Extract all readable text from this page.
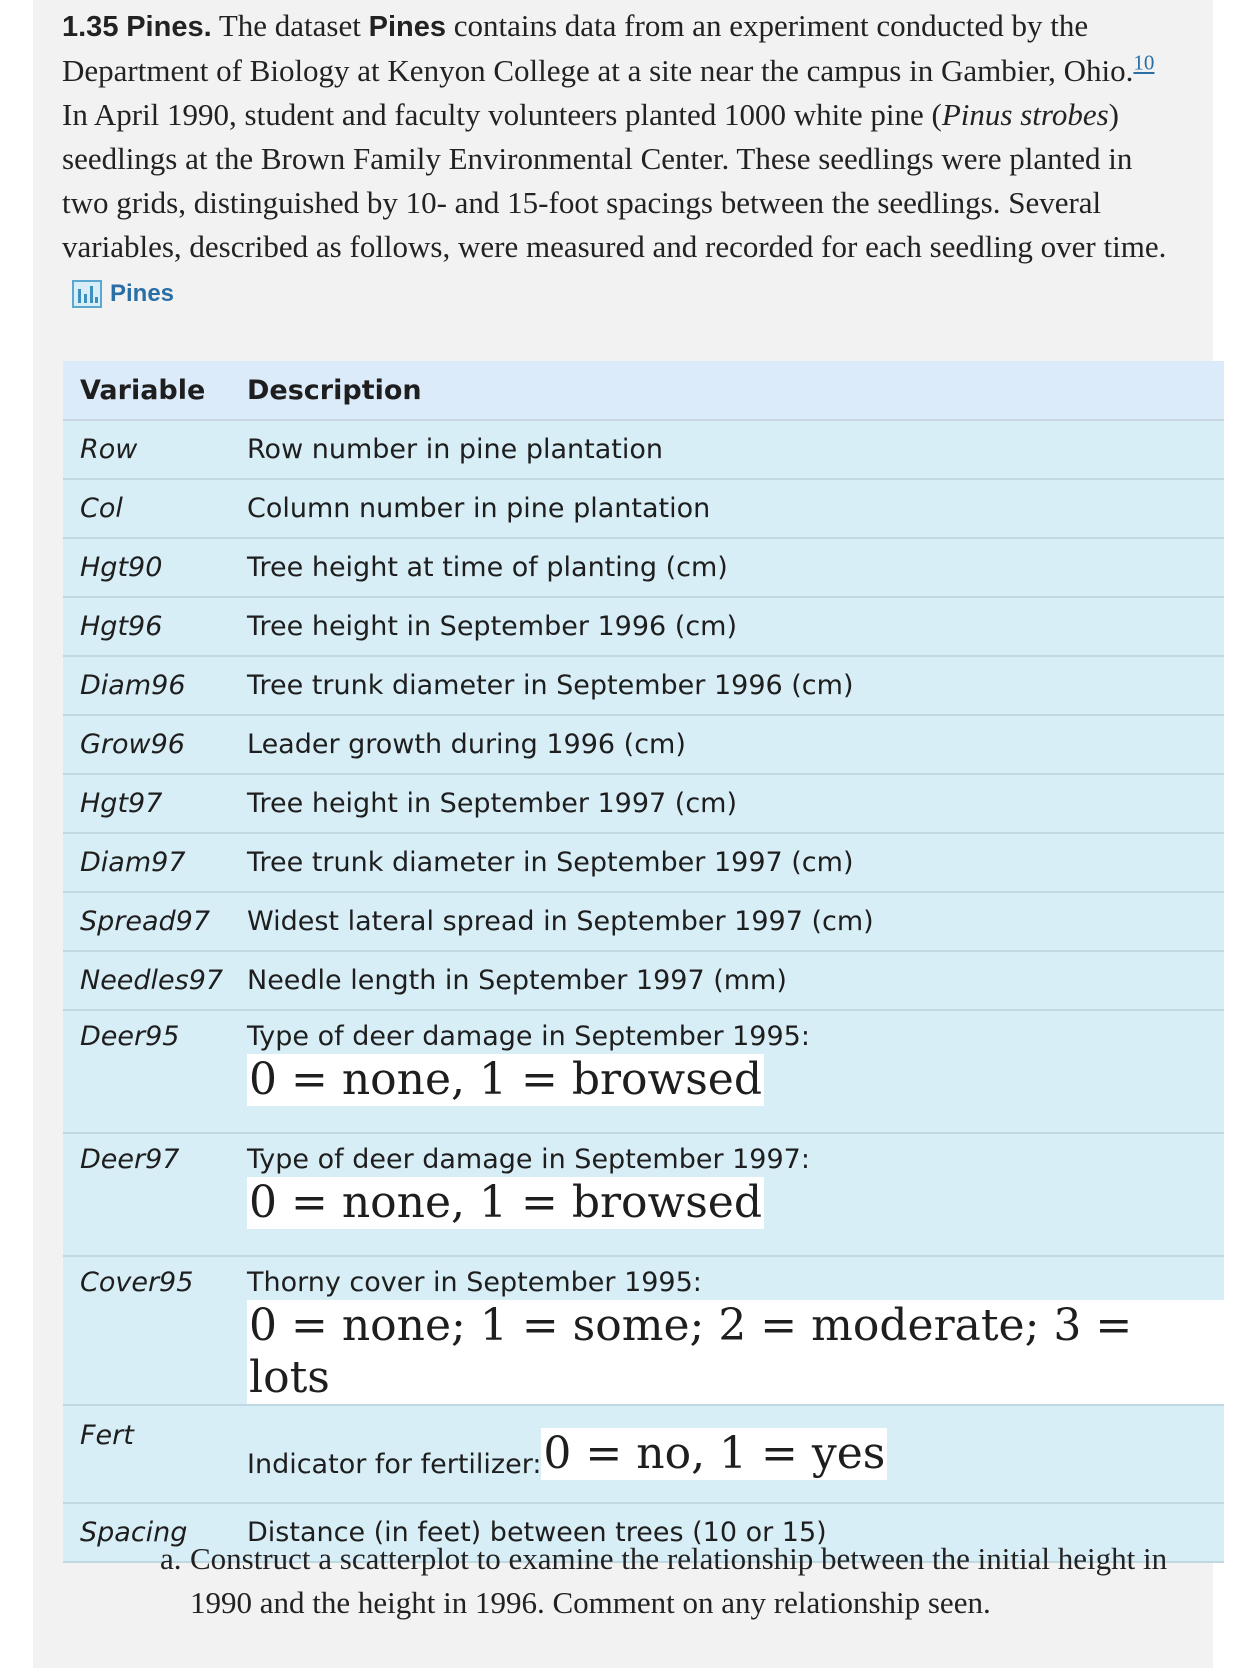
1.35 Pines. The dataset Pines contains data from an experiment conducted by the Department of Biology at Kenyon College at a site near the campus in Gambier, Ohio.$^{10}$ In April 1990, student and faculty volunteers planted 1000 white pine (Pinus strobes) seedlings at the Brown Family Environmental Center. These seedlings were planted in two grids, distinguished by 10- and 15-foot spacings between the seedlings. Several variables, described as follows, were measured and recorded for each seedling over time.
Pines
Variable	Description
Row	Row number in pine plantation
Col	Column number in pine plantation
Hgt90	Tree height at time of planting (cm)
Hgt96	Tree height in September 1996 (cm)
Diam96	Tree trunk diameter in September 1996 (cm)
Grow96	Leader growth during 1996 (cm)
Hgt97	Tree height in September 1997 (cm)
Diam97	Tree trunk diameter in September 1997 (cm)
Spread97	Widest lateral spread in September 1997 (cm)
Needles97	Needle length in September 1997 (mm)
Deer95	Type of deer damage in September 1995:
0 = none, 1 = browsed
Deer97	Type of deer damage in September 1997:
0 = none, 1 = browsed
Cover95	Thorny cover in September 1995:
0 = none; 1 = some; 2 = moderate; 3 = lots
Fert	Indicator for fertilizer:0 = no, 1 = yes
Spacing	Distance (in feet) between trees (10 or 15)
a. Construct a scatterplot to examine the relationship between the initial height in 1990 and the height in 1996. Comment on any relationship seen.
